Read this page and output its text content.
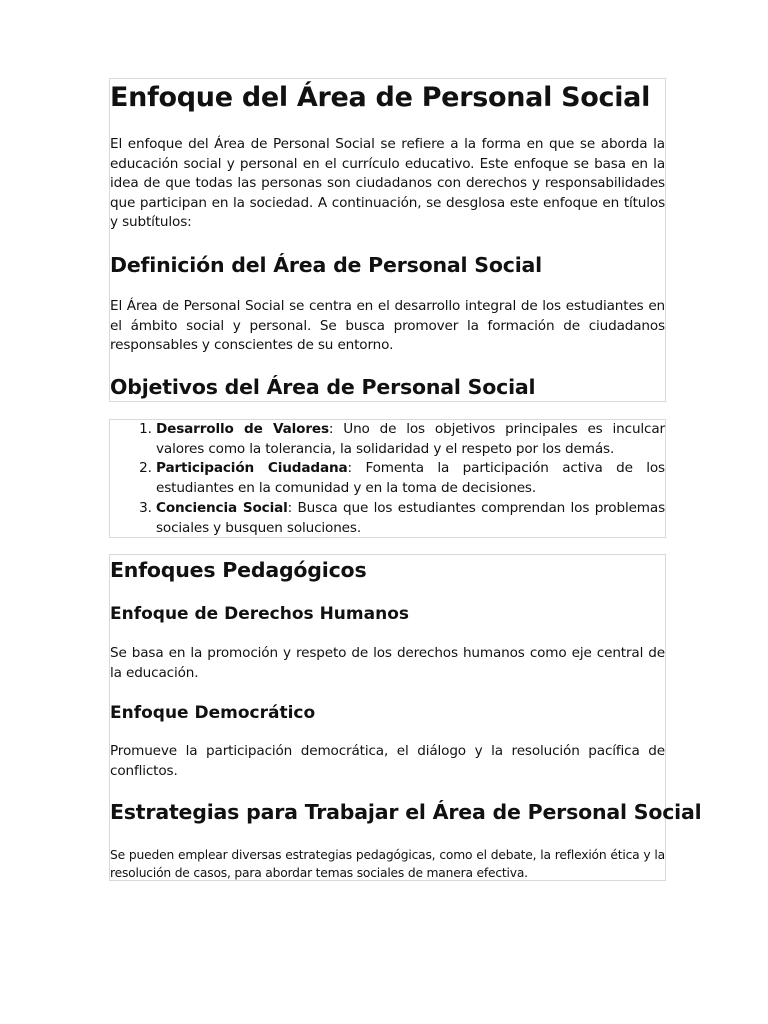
Enfoque del Área de Personal Social

El enfoque del Área de Personal Social se refiere a la forma en que se aborda la educación social y personal en el currículo educativo. Este enfoque se basa en la idea de que todas las personas son ciudadanos con derechos y responsabilidades que participan en la sociedad. A continuación, se desglosa este enfoque en títulos y subtítulos:

Definición del Área de Personal Social

El Área de Personal Social se centra en el desarrollo integral de los estudiantes en el ámbito social y personal. Se busca promover la formación de ciudadanos responsables y conscientes de su entorno.

Objetivos del Área de Personal Social
1. Desarrollo de Valores: Uno de los objetivos principales es inculcar valores como la tolerancia, la solidaridad y el respeto por los demás.
2. Participación Ciudadana: Fomenta la participación activa de los estudiantes en la comunidad y en la toma de decisiones.
3. Conciencia Social: Busca que los estudiantes comprendan los problemas sociales y busquen soluciones.
Enfoques Pedagógicos
Enfoque de Derechos Humanos

Se basa en la promoción y respeto de los derechos humanos como eje central de la educación.

Enfoque Democrático

Promueve la participación democrática, el diálogo y la resolución pacífica de conflictos.

Estrategias para Trabajar el Área de Personal Social

Se pueden emplear diversas estrategias pedagógicas, como el debate, la reflexión ética y la resolución de casos, para abordar temas sociales de manera efectiva.
